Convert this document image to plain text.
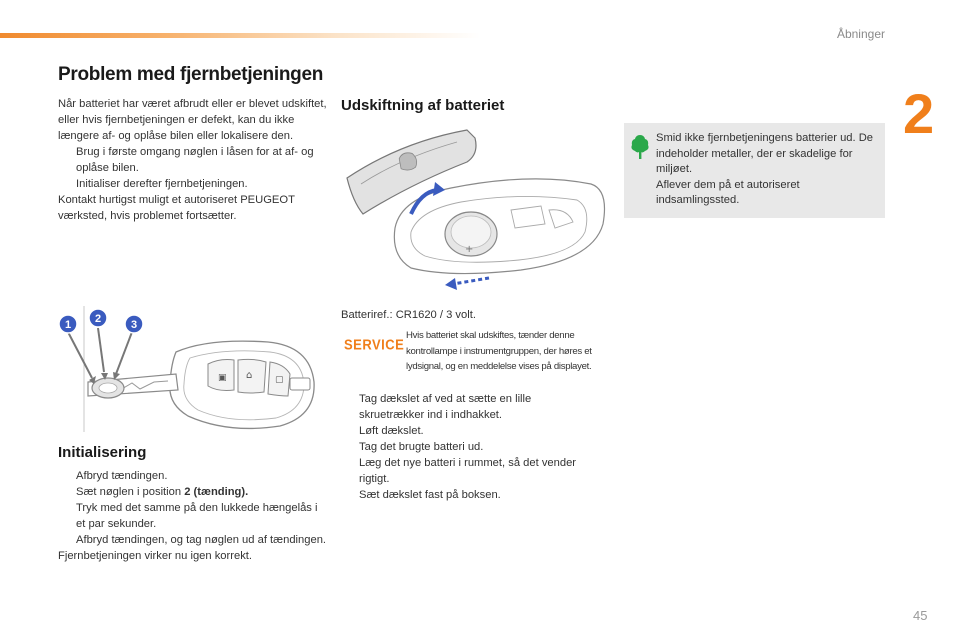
Åbninger
2
45
Problem med fjernbetjeningen

Når batteriet har været afbrudt eller er blevet udskiftet, eller hvis fjernbetjeningen er defekt, kan du ikke længere af- og oplåse bilen eller lokalisere den.

Brug i første omgang nøglen i låsen for at af- og oplåse bilen.
Initialiser derefter fjernbetjeningen.

Kontakt hurtigst muligt et autoriseret PEUGEOT værksted, hvis problemet fortsætter.

▣ ⌂	▢
1 2	3
Initialisering
Afbryd tændingen.
Sæt nøglen i position 2 (tænding).
Tryk med det samme på den lukkede hængelås i et par sekunder.
Afbryd tændingen, og tag nøglen ud af tændingen.

Fjernbetjeningen virker nu igen korrekt.

Udskiftning af batteriet
+
Batteriref.: CR1620 / 3 volt.
SERVICE
Hvis batteriet skal udskiftes, tænder denne kontrollampe i instrumentgruppen, der høres et lydsignal, og en meddelelse vises på displayet.
Tag dækslet af ved at sætte en lille skruetrækker ind i indhakket.
Løft dækslet.
Tag det brugte batteri ud.
Læg det nye batteri i rummet, så det vender rigtigt.
Sæt dækslet fast på boksen.
Smid ikke fjernbetjeningens batterier ud. De indeholder metaller, der er skadelige for miljøet.
Aflever dem på et autoriseret indsamlingssted.
